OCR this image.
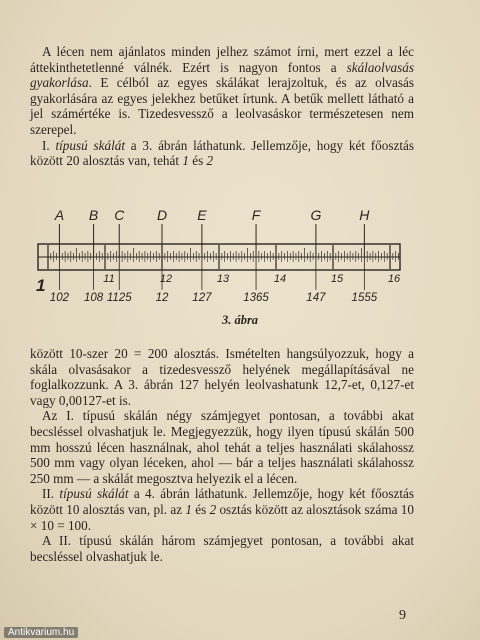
A lécen nem ajánlatos minden jelhez számot írni, mert ezzel a léc áttekinthetetlenné válnék. Ezért is nagyon fontos a skálaolvasás gyakorlása. E célból az egyes skálákat lerajzoltuk, és az olvasás gyakorlására az egyes jelekhez betűket írtunk. A betűk mellett látható a jel számértéke is. Tizedesvessző a leolvasáskor természetesen nem szerepel.

I. típusú skálát a 3. ábrán láthatunk. Jellemzője, hogy két főosztás között 20 alosztás van, tehát 1 és 2

A
102
B
108
C
1125
D
12
E
127
F
1365
G
147
H
1555
11	12	13	14	15	16
1
3. ábra

között 10-szer 20 = 200 alosztás. Ismételten hangsúlyozzuk, hogy a skála olvasásakor a tizedesvessző helyének megállapításával ne foglalkozzunk. A 3. ábrán 127 helyén leolvashatunk 12,7-et, 0,127-et vagy 0,00127-et is.

Az I. típusú skálán négy számjegyet pontosan, a további akat becsléssel olvashatjuk le. Megjegyezzük, hogy ilyen típusú skálán 500 mm hosszú lécen használnak, ahol tehát a teljes használati skálahossz 500 mm vagy olyan léceken, ahol — bár a teljes használati skálahossz 250 mm — a skálát megosztva helyezik el a lécen.

II. típusú skálát a 4. ábrán láthatunk. Jellemzője, hogy két főosztás között 10 alosztás van, pl. az 1 és 2 osztás között az alosztások száma 10 × 10 = 100.

A II. típusú skálán három számjegyet pontosan, a további akat becsléssel olvashatjuk le.

9
Antikvarium.hu
